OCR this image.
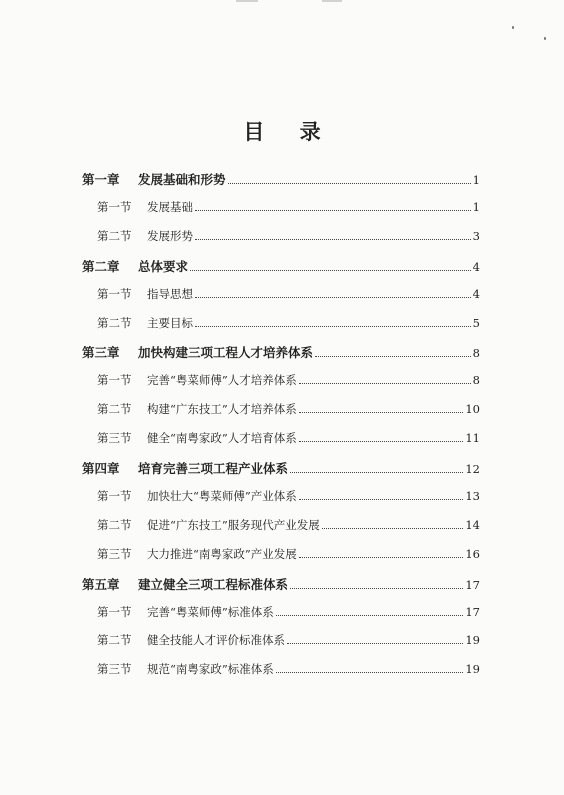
目 录
第一章	发展基础和形势	1
第一节	发展基础	1
第二节	发展形势	3
第二章	总体要求	4
第一节	指导思想	4
第二节	主要目标	5
第三章	加快构建三项工程人才培养体系	8
第一节	完善“粤菜师傅”人才培养体系	8
第二节	构建“广东技工”人才培养体系	10
第三节	健全“南粤家政”人才培育体系	11
第四章	培育完善三项工程产业体系	12
第一节	加快壮大“粤菜师傅”产业体系	13
第二节	促进“广东技工”服务现代产业发展	14
第三节	大力推进“南粤家政”产业发展	16
第五章	建立健全三项工程标准体系	17
第一节	完善“粤菜师傅”标准体系	17
第二节	健全技能人才评价标准体系	19
第三节	规范“南粤家政”标准体系	19
